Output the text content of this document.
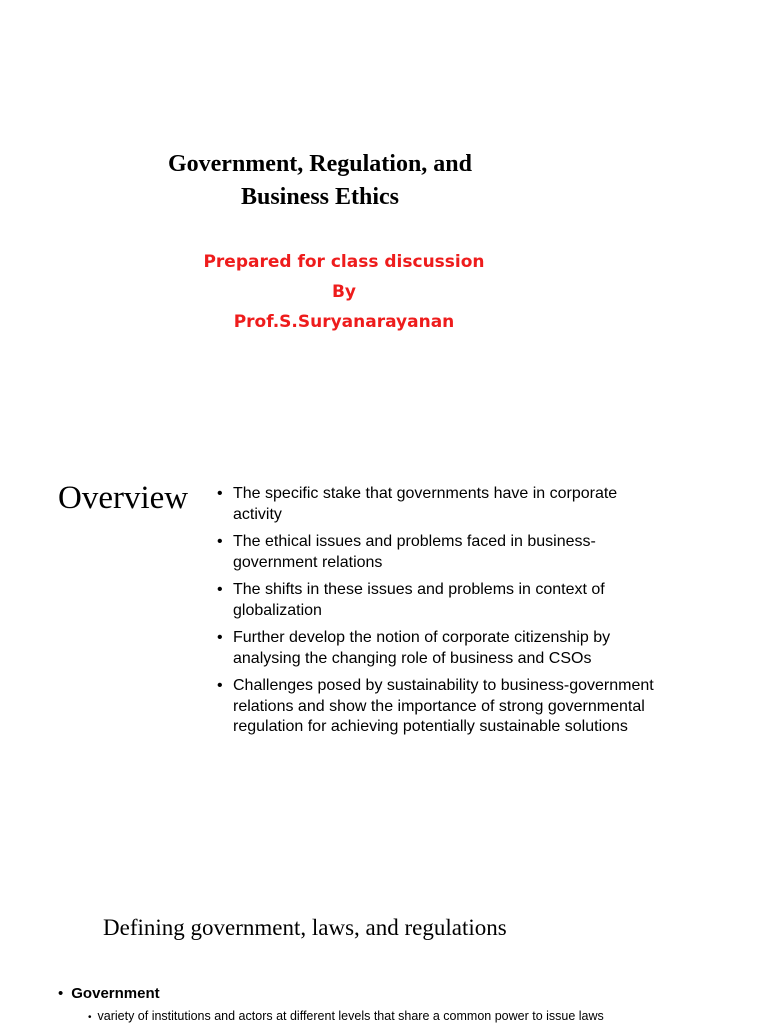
Government, Regulation, and
Business Ethics
Prepared for class discussion
By
Prof.S.Suryanarayanan
Overview • The specific stake that governments have in corporate activity
• The ethical issues and problems faced in business-government relations
• The shifts in these issues and problems in context of globalization
• Further develop the notion of corporate citizenship by analysing the changing role of business and CSOs
• Challenges posed by sustainability to business-government relations and show the importance of strong governmental regulation for achieving potentially sustainable solutions
Defining government, laws, and regulations
• Government
• variety of institutions and actors at different levels that share a common power to issue laws
